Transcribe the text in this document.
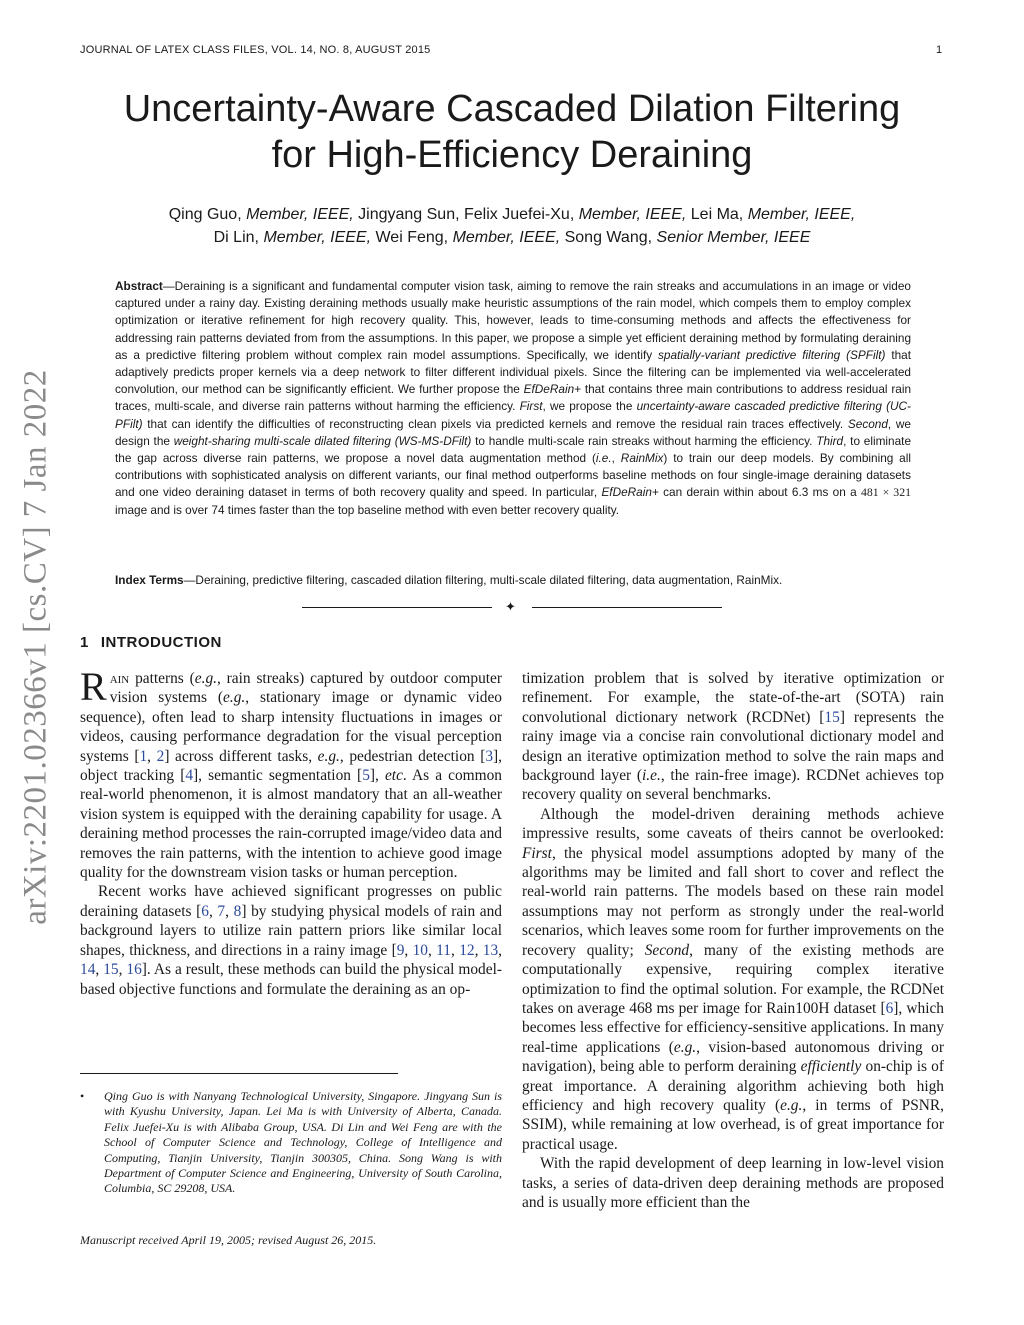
JOURNAL OF LATEX CLASS FILES, VOL. 14, NO. 8, AUGUST 2015	1
arXiv:2201.02366v1 [cs.CV] 7 Jan 2022
Uncertainty-Aware Cascaded Dilation Filtering
for High-Efficiency Deraining
Qing Guo, Member, IEEE, Jingyang Sun, Felix Juefei-Xu, Member, IEEE, Lei Ma, Member, IEEE,
Di Lin, Member, IEEE, Wei Feng, Member, IEEE, Song Wang, Senior Member, IEEE
Abstract—Deraining is a significant and fundamental computer vision task, aiming to remove the rain streaks and accumulations in an image or video captured under a rainy day. Existing deraining methods usually make heuristic assumptions of the rain model, which compels them to employ complex optimization or iterative refinement for high recovery quality. This, however, leads to time-consuming methods and affects the effectiveness for addressing rain patterns deviated from from the assumptions. In this paper, we propose a simple yet efficient deraining method by formulating deraining as a predictive filtering problem without complex rain model assumptions. Specifically, we identify spatially-variant predictive filtering (SPFilt) that adaptively predicts proper kernels via a deep network to filter different individual pixels. Since the filtering can be implemented via well-accelerated convolution, our method can be significantly efficient. We further propose the EfDeRain+ that contains three main contributions to address residual rain traces, multi-scale, and diverse rain patterns without harming the efficiency. First, we propose the uncertainty-aware cascaded predictive filtering (UC-PFilt) that can identify the difficulties of reconstructing clean pixels via predicted kernels and remove the residual rain traces effectively. Second, we design the weight-sharing multi-scale dilated filtering (WS-MS-DFilt) to handle multi-scale rain streaks without harming the efficiency. Third, to eliminate the gap across diverse rain patterns, we propose a novel data augmentation method (i.e., RainMix) to train our deep models. By combining all contributions with sophisticated analysis on different variants, our final method outperforms baseline methods on four single-image deraining datasets and one video deraining dataset in terms of both recovery quality and speed. In particular, EfDeRain+ can derain within about 6.3 ms on a 481 × 321 image and is over 74 times faster than the top baseline method with even better recovery quality.
Index Terms—Deraining, predictive filtering, cascaded dilation filtering, multi-scale dilated filtering, data augmentation, RainMix.
✦
1 INTRODUCTION

Rain patterns (e.g., rain streaks) captured by outdoor computer vision systems (e.g., stationary image or dynamic video sequence), often lead to sharp intensity fluctuations in images or videos, causing performance degradation for the visual perception systems [1, 2] across different tasks, e.g., pedestrian detection [3], object tracking [4], semantic segmentation [5], etc. As a common real-world phenomenon, it is almost mandatory that an all-weather vision system is equipped with the deraining capability for usage. A deraining method processes the rain-corrupted image/video data and removes the rain patterns, with the intention to achieve good image quality for the downstream vision tasks or human perception.

Recent works have achieved significant progresses on public deraining datasets [6, 7, 8] by studying physical models of rain and background layers to utilize rain pattern priors like similar local shapes, thickness, and directions in a rainy image [9, 10, 11, 12, 13, 14, 15, 16]. As a result, these methods can build the physical model-based objective functions and formulate the deraining as an op-

timization problem that is solved by iterative optimization or refinement. For example, the state-of-the-art (SOTA) rain convolutional dictionary network (RCDNet) [15] represents the rainy image via a concise rain convolutional dictionary model and design an iterative optimization method to solve the rain maps and background layer (i.e., the rain-free image). RCDNet achieves top recovery quality on several benchmarks.

Although the model-driven deraining methods achieve impressive results, some caveats of theirs cannot be overlooked: First, the physical model assumptions adopted by many of the algorithms may be limited and fall short to cover and reflect the real-world rain patterns. The models based on these rain model assumptions may not perform as strongly under the real-world scenarios, which leaves some room for further improvements on the recovery quality; Second, many of the existing methods are computationally expensive, requiring complex iterative optimization to find the optimal solution. For example, the RCDNet takes on average 468 ms per image for Rain100H dataset [6], which becomes less effective for efficiency-sensitive applications. In many real-time applications (e.g., vision-based autonomous driving or navigation), being able to perform deraining efficiently on-chip is of great importance. A deraining algorithm achieving both high efficiency and high recovery quality (e.g., in terms of PSNR, SSIM), while remaining at low overhead, is of great importance for practical usage.

With the rapid development of deep learning in low-level vision tasks, a series of data-driven deep deraining methods are proposed and is usually more efficient than the

• Qing Guo is with Nanyang Technological University, Singapore. Jingyang Sun is with Kyushu University, Japan. Lei Ma is with University of Alberta, Canada. Felix Juefei-Xu is with Alibaba Group, USA. Di Lin and Wei Feng are with the School of Computer Science and Technology, College of Intelligence and Computing, Tianjin University, Tianjin 300305, China. Song Wang is with Department of Computer Science and Engineering, University of South Carolina, Columbia, SC 29208, USA.
Manuscript received April 19, 2005; revised August 26, 2015.
